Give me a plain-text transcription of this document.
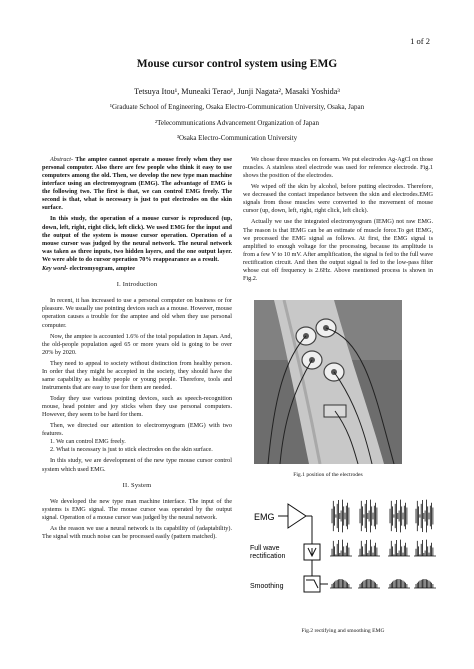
1 of 2
Mouse cursor control system using EMG
Tetsuya Itou¹, Muneaki Terao¹, Junji Nagata², Masaki Yoshida³
¹Graduate School of Engineering, Osaka Electro-Communication University, Osaka, Japan
²Telecommunications Advancement Organization of Japan
³Osaka Electro-Communication University

Abstract- The amptee cannot operate a mouse freely when they use personal computer. Also there are few people who think it easy to use computers among the old. Then, we develop the new type man machine interface using an electromyogram (EMG). The advantage of EMG is the following two. The first is that, we can control EMG freely. The second is that, what is necessary is just to put electrodes on the skin surface.

In this study, the operation of a mouse cursor is reproduced (up, down, left, right, right click, left click). We used EMG for the input and the output of the system is mouse cursor operation. Operation of a mouse cursor was judged by the neural network. The neural network was taken as three inputs, two hidden layers, and the one output layer. We were able to do cursor operation 70% reappearance as a result.

Key word- electromyogram, amptee

I. Introduction

In recent, it has increased to use a personal computer on business or for pleasure. We usually use pointing devices such as a mouse. However, mouse operation causes a trouble for the amptee and old when they use personal computer.

Now, the amptee is accounted 1.6% of the total population in Japan. And, the old-people population aged 65 or more years old is going to be over 20% by 2020.

They need to appeal to society without distinction from healthy person. In order that they might be accepted in the society, they should have the same capability as healthy people or young people. Therefore, tools and instruments that are easy to use for them are needed.

Today they use various pointing devices, such as speech-recognition mouse, head pointer and joy sticks when they use personal computers. However, they seem to be hard for them.

Then, we directed our attention to electromyogram (EMG) with two features.

1. We can control EMG freely.

2. What is necessary is just to stick electrodes on the skin surface.

In this study, we are development of the new type mouse cursor control system which used EMG.

II. System

We developed the new type man machine interface. The input of the systems is EMG signal. The mouse cursor was operated by the output signal. Operation of a mouse cursor was judged by the neural network.

As the reason we use a neural network is its capability of (adaptability). The signal with much noise can be processed easily (pattern matched).

We chose three muscles on forearm. We put electrodes Ag-AgCl on those muscles. A stainless steel electrode was used for reference electrode. Fig.1 shows the position of the electrodes.

We wiped off the skin by alcohol, before putting electrodes. Therefore, we decreased the contact impedance between the skin and electrodes.EMG signals from those muscles were converted to the movement of mouse cursor (up, down, left, right, right click, left click).

Actually we use the integrated electromyogram (IEMG) not raw EMG. The reason is that IEMG can be an estimate of muscle force.To get IEMG, we processed the EMG signal as follows. At first, the EMG signal is amplified to enough voltage for the processing, because its amplitude is from a few V to 10 mV. After amplification, the signal is fed to the full wave rectification circuit. And then the output signal is fed to the low-pass filter whose cut off frequency is 2.6Hz. Above mentioned process is shown in Fig.2.

Fig.1 position of the electrodes
EMG
Full wave
rectification
Smoothing
Fig.2 rectifying and smoothing EMG
